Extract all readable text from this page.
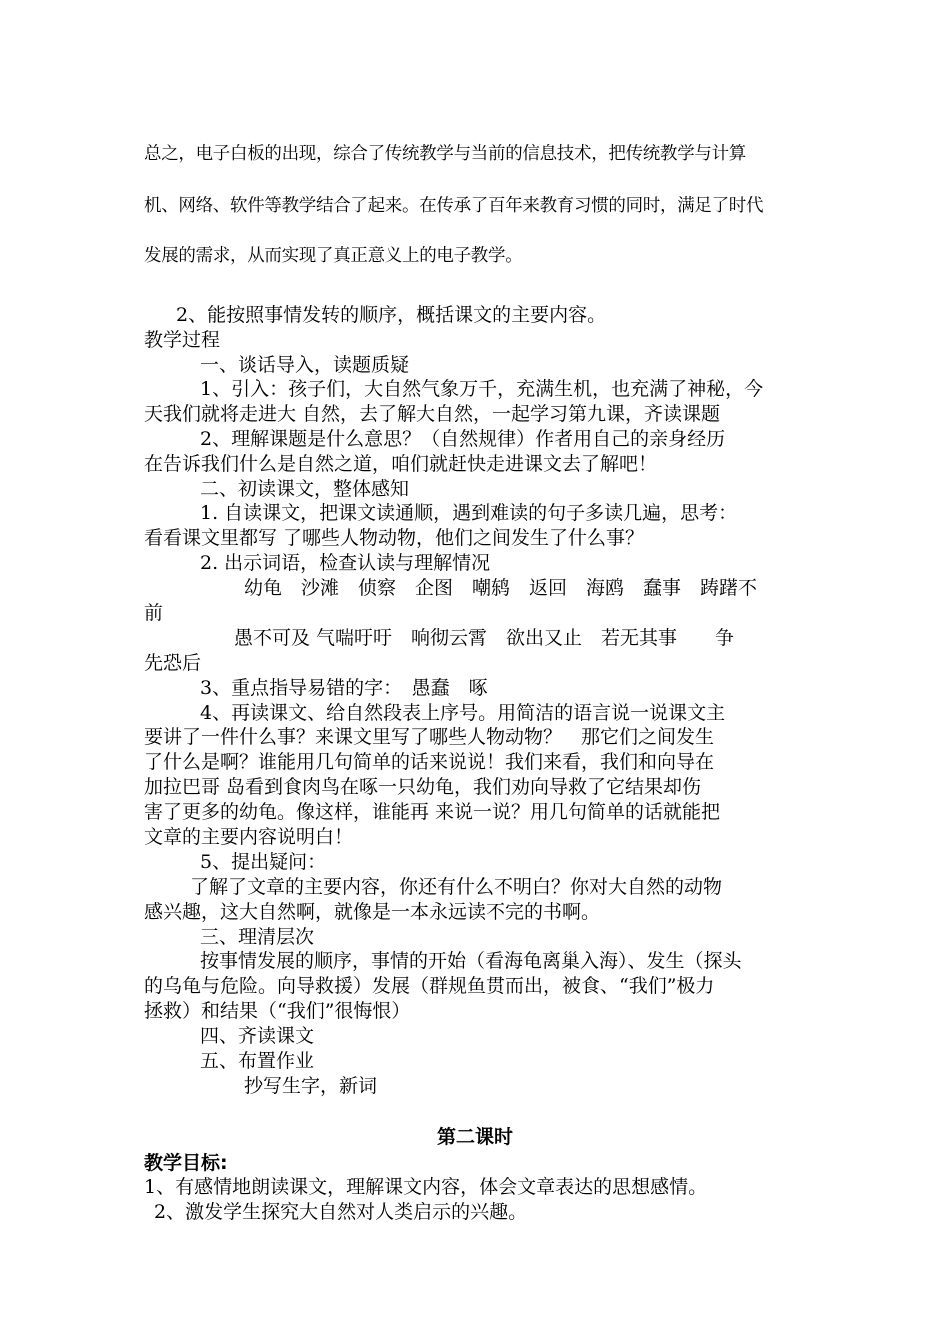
总之，电子白板的出现，综合了传统教学与当前的信息技术，把传统教学与计算
机、网络、软件等教学结合了起来。在传承了百年来教育习惯的同时，满足了时代
发展的需求，从而实现了真正意义上的电子教学。
2、能按照事情发转的顺序，概括课文的主要内容。
教学过程
一、谈话导入，读题质疑
1、引入：孩子们，大自然气象万千，充满生机，也充满了神秘，今
天我们就将走进大 自然，去了解大自然，一起学习第九课，齐读课题
2、理解课题是什么意思？（自然规律）作者用自己的亲身经历
在告诉我们什么是自然之道，咱们就赶快走进课文去了解吧！
二、初读课文，整体感知
1. 自读课文，把课文读通顺，遇到难读的句子多读几遍，思考：
看看课文里都写 了哪些人物动物，他们之间发生了什么事？
2. 出示词语，检查认读与理解情况
幼龟　沙滩　侦察　企图　嘲鸫　返回　海鸥　蠢事　踌躇不
前
愚不可及 气喘吁吁　响彻云霄　欲出又止　若无其事　　争
先恐后
3、重点指导易错的字：　愚蠢　啄
4、再读课文、给自然段表上序号。用简洁的语言说一说课文主
要讲了一件什么事？来课文里写了哪些人物动物？　那它们之间发生
了什么是啊？谁能用几句简单的话来说说！我们来看，我们和向导在
加拉巴哥 岛看到食肉鸟在啄一只幼龟，我们劝向导救了它结果却伤
害了更多的幼龟。像这样，谁能再 来说一说？用几句简单的话就能把
文章的主要内容说明白！
5、提出疑问：
了解了文章的主要内容，你还有什么不明白？你对大自然的动物
感兴趣，这大自然啊，就像是一本永远读不完的书啊。
三、理清层次
按事情发展的顺序，事情的开始（看海龟离巢入海）、发生（探头
的乌龟与危险。向导救援）发展（群规鱼贯而出，被食、“我们”极力
拯救）和结果（“我们”很悔恨）
四、齐读课文
五、布置作业
抄写生字，新词
第二课时
教学目标:
1、有感情地朗读课文，理解课文内容，体会文章表达的思想感情。
2、激发学生探究大自然对人类启示的兴趣。
